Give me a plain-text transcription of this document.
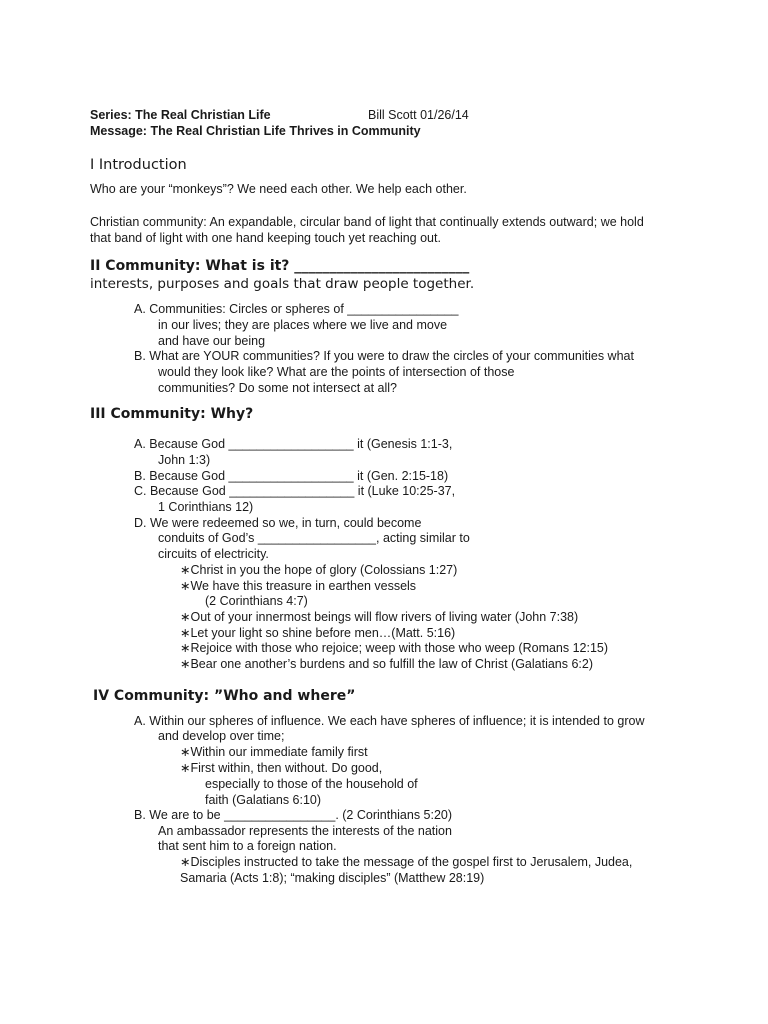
Series: The Real Christian Life	Bill Scott 01/26/14
Message: The Real Christian Life Thrives in Community
I Introduction
Who are your “monkeys”? We need each other. We help each other.
Christian community: An expandable, circular band of light that continually extends outward; we hold
that band of light with one hand keeping touch yet reaching out.
II Community: What is it? _________________________
interests, purposes and goals that draw people together.
A. Communities: Circles or spheres of ________________
in our lives; they are places where we live and move
and have our being
B. What are YOUR communities? If you were to draw the circles of your communities what
would they look like? What are the points of intersection of those
communities? Do some not intersect at all?
III Community: Why?
A. Because God __________________ it (Genesis 1:1-3,
John 1:3)
B. Because God __________________ it (Gen. 2:15-18)
C. Because God __________________ it (Luke 10:25-37,
1 Corinthians 12)
D. We were redeemed so we, in turn, could become
conduits of God’s _________________, acting similar to
circuits of electricity.
∗Christ in you the hope of glory (Colossians 1:27)
∗We have this treasure in earthen vessels
(2 Corinthians 4:7)
∗Out of your innermost beings will flow rivers of living water (John 7:38)
∗Let your light so shine before men…(Matt. 5:16)
∗Rejoice with those who rejoice; weep with those who weep (Romans 12:15)
∗Bear one another’s burdens and so fulfill the law of Christ (Galatians 6:2)
IV Community: ”Who and where”
A. Within our spheres of influence. We each have spheres of influence; it is intended to grow
and develop over time;
∗Within our immediate family first
∗First within, then without. Do good,
especially to those of the household of
faith (Galatians 6:10)
B. We are to be ________________. (2 Corinthians 5:20)
An ambassador represents the interests of the nation
that sent him to a foreign nation.
∗Disciples instructed to take the message of the gospel first to Jerusalem, Judea,
Samaria (Acts 1:8); “making disciples” (Matthew 28:19)
